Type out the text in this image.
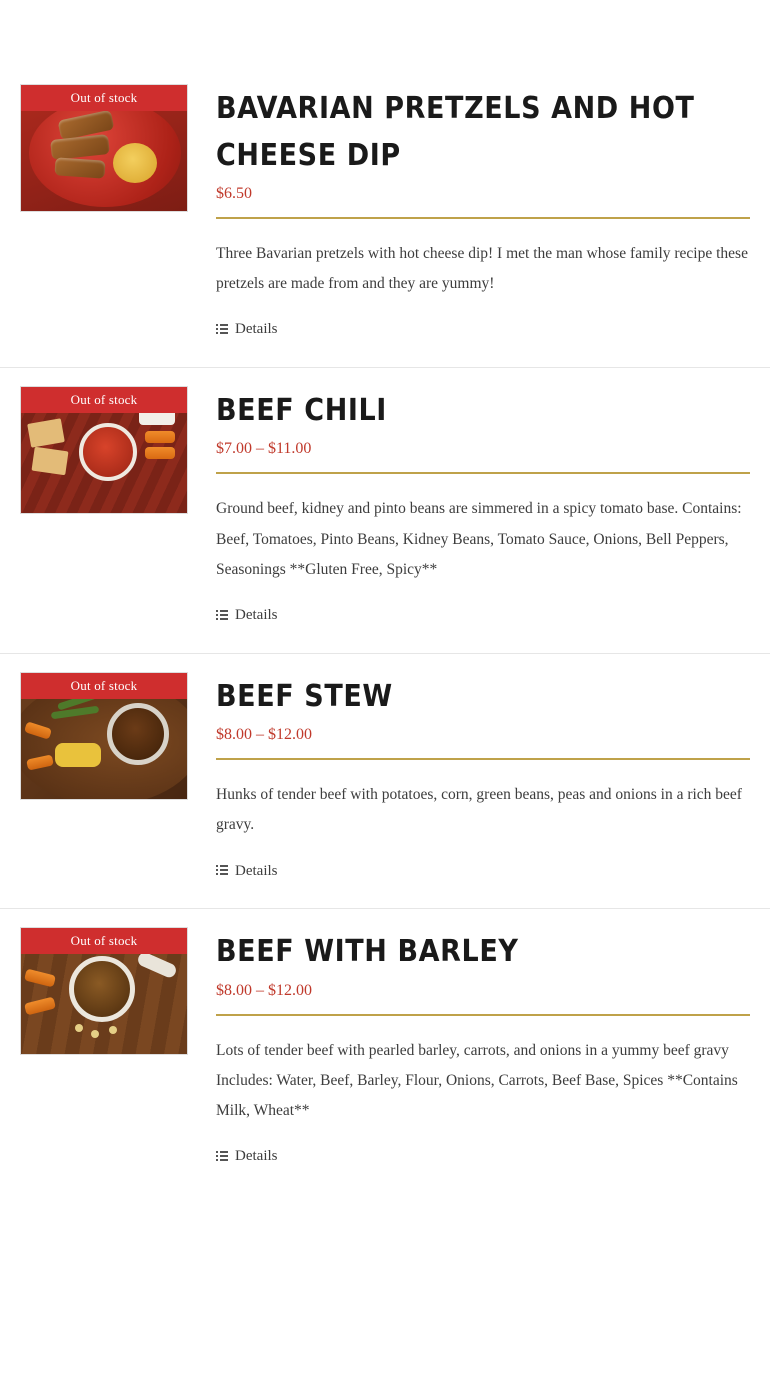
Out of stock	BAVARIAN PRETZELS AND HOT CHEESE DIP
$6.50

Three Bavarian pretzels with hot cheese dip! I met the man whose family recipe these pretzels are made from and they are yummy!

Details
Out of stock	BEEF CHILI
$7.00 – $11.00

Ground beef, kidney and pinto beans are simmered in a spicy tomato base. Contains: Beef, Tomatoes, Pinto Beans, Kidney Beans, Tomato Sauce, Onions, Bell Peppers, Seasonings **Gluten Free, Spicy**

Details
Out of stock	BEEF STEW
$8.00 – $12.00

Hunks of tender beef with potatoes, corn, green beans, peas and onions in a rich beef gravy.

Details
Out of stock	BEEF WITH BARLEY
$8.00 – $12.00

Lots of tender beef with pearled barley, carrots, and onions in a yummy beef gravy Includes: Water, Beef, Barley, Flour, Onions, Carrots, Beef Base, Spices **Contains Milk, Wheat**

Details
